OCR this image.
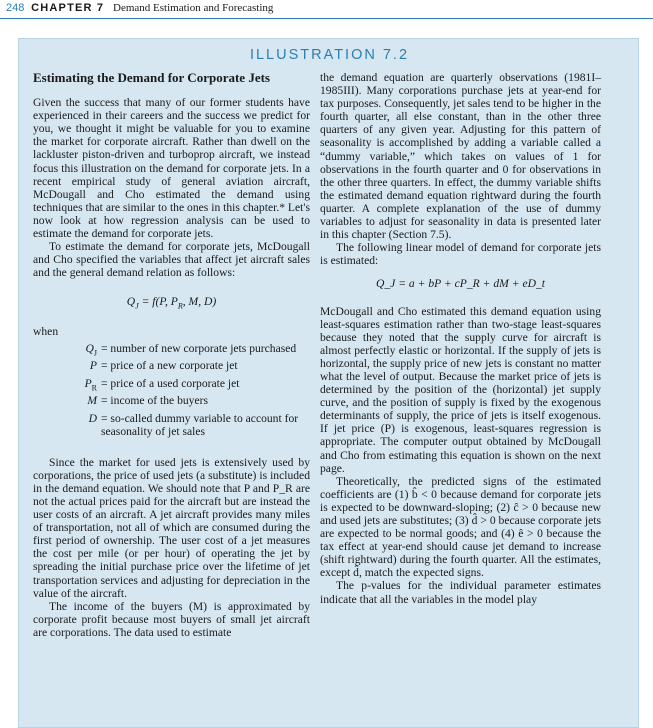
248 CHAPTER 7 Demand Estimation and Forecasting
ILLUSTRATION 7.2
Estimating the Demand for Corporate Jets

Given the success that many of our former students have experienced in their careers and the success we predict for you, we thought it might be valuable for you to examine the market for corporate aircraft. Rather than dwell on the lackluster piston-driven and turboprop aircraft, we instead focus this illustration on the demand for corporate jets. In a recent empirical study of general aviation aircraft, McDougall and Cho estimated the demand using techniques that are similar to the ones in this chapter.* Let's now look at how regression analysis can be used to estimate the demand for corporate jets.

To estimate the demand for corporate jets, McDougall and Cho specified the variables that affect jet aircraft sales and the general demand relation as follows:

$Q_J = f(P$, $P_R$, M, D)

when

$Q_J$ = number of new corporate jets purchased
P = price of a new corporate jet
$P_R$ = price of a used corporate jet
M = income of the buyers
D = so-called dummy variable to account for seasonality of jet sales

Since the market for used jets is extensively used by corporations, the price of used jets (a substitute) is included in the demand equation. We should note that P and P_R are not the actual prices paid for the aircraft but are instead the user costs of an aircraft. A jet aircraft provides many miles of transportation, not all of which are consumed during the first period of ownership. The user cost of a jet measures the cost per mile (or per hour) of operating the jet by spreading the initial purchase price over the lifetime of jet transportation services and adjusting for depreciation in the value of the aircraft.

The income of the buyers (M) is approximated by corporate profit because most buyers of small jet aircraft are corporations. The data used to estimate

the demand equation are quarterly observations (1981I–1985III). Many corporations purchase jets at year-end for tax purposes. Consequently, jet sales tend to be higher in the fourth quarter, all else constant, than in the other three quarters of any given year. Adjusting for this pattern of seasonality is accomplished by adding a variable called a “dummy variable,” which takes on values of 1 for observations in the fourth quarter and 0 for observations in the other three quarters. In effect, the dummy variable shifts the estimated demand equation rightward during the fourth quarter. A complete explanation of the use of dummy variables to adjust for seasonality in data is presented later in this chapter (Section 7.5).

The following linear model of demand for corporate jets is estimated:

Q_J = a + bP + cP_R + dM + eD_t

McDougall and Cho estimated this demand equation using least-squares estimation rather than two-stage least-squares because they noted that the supply curve for aircraft is almost perfectly elastic or horizontal. If the supply of jets is horizontal, the supply price of new jets is constant no matter what the level of output. Because the market price of jets is determined by the position of the (horizontal) jet supply curve, and the position of supply is fixed by the exogenous determinants of supply, the price of jets is itself exogenous. If jet price (P) is exogenous, least-squares regression is appropriate. The computer output obtained by McDougall and Cho from estimating this equation is shown on the next page.

Theoretically, the predicted signs of the estimated coefficients are (1) b̂ < 0 because demand for corporate jets is expected to be downward-sloping; (2) ĉ > 0 because new and used jets are substitutes; (3) d̂ > 0 because corporate jets are expected to be normal goods; and (4) ê > 0 because the tax effect at year-end should cause jet demand to increase (shift rightward) during the fourth quarter. All the estimates, except d̂, match the expected signs.

The p-values for the individual parameter estimates indicate that all the variables in the model play
